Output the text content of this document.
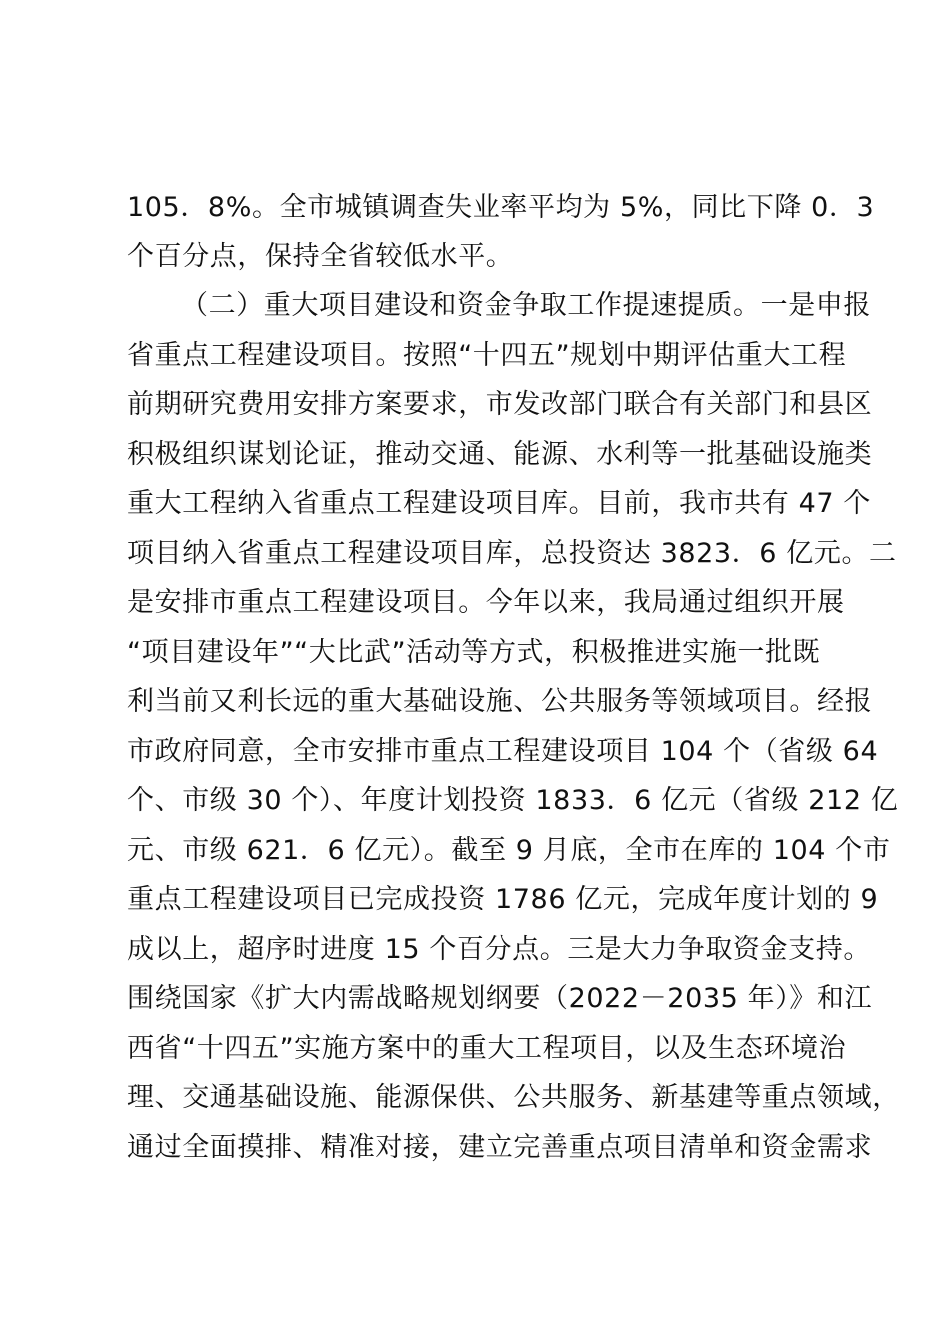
105．8%。全市城镇调查失业率平均为 5%，同比下降 0．3
个百分点，保持全省较低水平。
（二）重大项目建设和资金争取工作提速提质。一是申报
省重点工程建设项目。按照“十四五”规划中期评估重大工程
前期研究费用安排方案要求，市发改部门联合有关部门和县区
积极组织谋划论证，推动交通、能源、水利等一批基础设施类
重大工程纳入省重点工程建设项目库。目前，我市共有 47 个
项目纳入省重点工程建设项目库，总投资达 3823．6 亿元。二
是安排市重点工程建设项目。今年以来，我局通过组织开展
“项目建设年”“大比武”活动等方式，积极推进实施一批既
利当前又利长远的重大基础设施、公共服务等领域项目。经报
市政府同意，全市安排市重点工程建设项目 104 个（省级 64
个、市级 30 个）、年度计划投资 1833．6 亿元（省级 212 亿
元、市级 621．6 亿元）。截至 9 月底，全市在库的 104 个市
重点工程建设项目已完成投资 1786 亿元，完成年度计划的 9
成以上，超序时进度 15 个百分点。三是大力争取资金支持。
围绕国家《扩大内需战略规划纲要（2022－2035 年）》和江
西省“十四五”实施方案中的重大工程项目，以及生态环境治
理、交通基础设施、能源保供、公共服务、新基建等重点领域，
通过全面摸排、精准对接，建立完善重点项目清单和资金需求
